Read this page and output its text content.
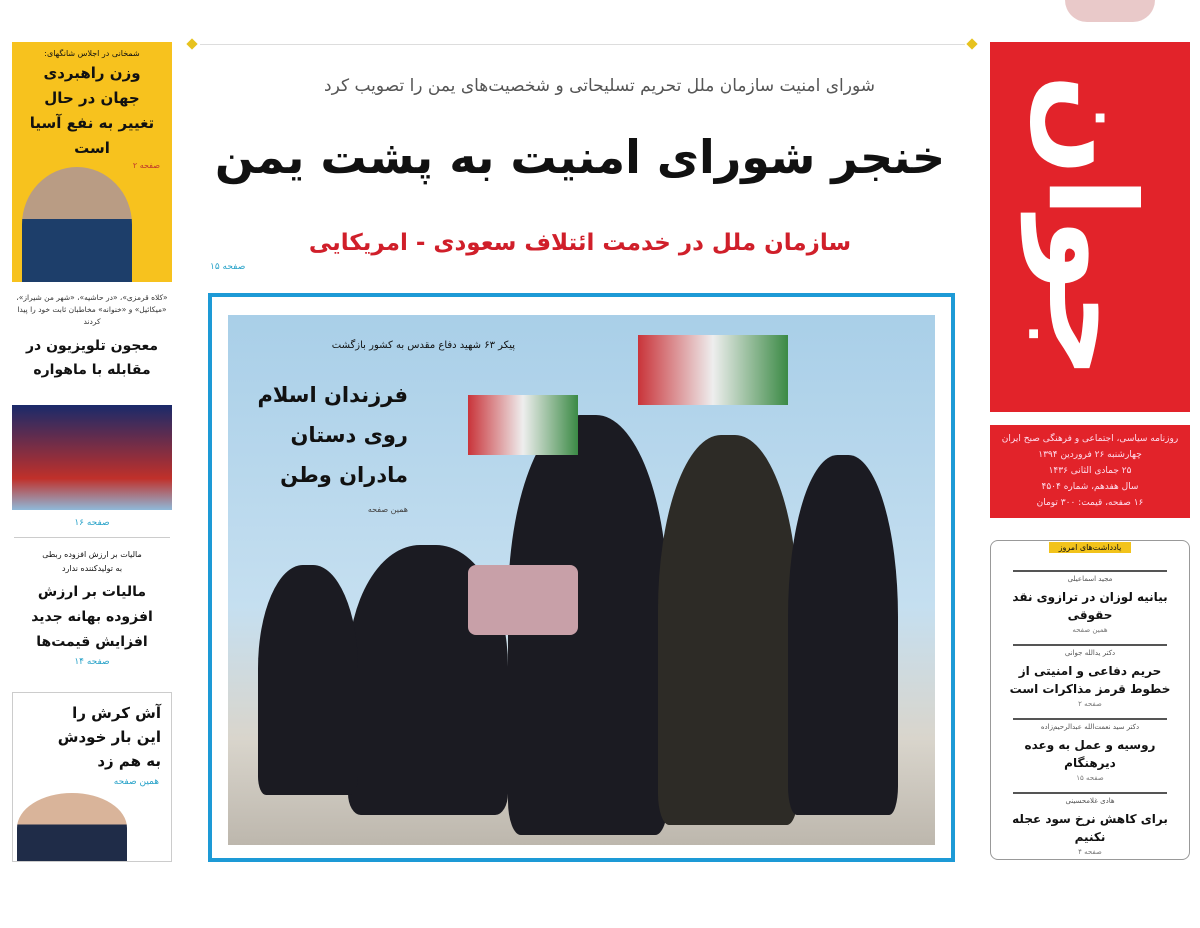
شمخانی در اجلاس شانگهای:
وزن راهبردی جهان در حال تغییر به نفع آسیا است
صفحه ۲
«کلاه قرمزی»، «در حاشیه»، «شهر من شیراز»، «میکائیل» و «خنوانه» مخاطبان ثابت خود را پیدا کردند
معجون تلویزیون در مقابله با ماهواره
صفحه ۱۶
مالیات بر ارزش افزوده ربطی به تولیدکننده ندارد
مالیات بر ارزش افزوده بهانه جدید افزایش قیمت‌ها
صفحه ۱۴
آش کرش را این بار خودش به هم زد
همین صفحه
شورای امنیت سازمان ملل تحریم تسلیحاتی و شخصیت‌های یمن را تصویب کرد
خنجر شورای امنیت به پشت یمن
سازمان ملل در خدمت ائتلاف سعودی - امریکایی
صفحه ۱۵
پیکر ۶۳ شهید دفاع مقدس به کشور بازگشت
فرزندان اسلام
روی دستان
مادران وطن
همین صفحه
جوان
روزنامه سیاسی، اجتماعی و فرهنگی صبح ایران
چهارشنبه ۲۶ فروردین ۱۳۹۴
۲۵ جمادی الثانی ۱۴۳۶
سال هفدهم، شماره ۴۵۰۴
۱۶ صفحه، قیمت: ۳۰۰ تومان
یادداشت‌های امروز
مجید اسماعیلی
بیانیه لوزان در ترازوی نقد حقوقی
همین صفحه
دکتر یدالله جوانی
حریم دفاعی و امنیتی از خطوط قرمز مذاکرات است
صفحه ۲
دکتر سید نعمت‌الله عبدالرحیم‌زاده
روسیه و عمل به وعده دیرهنگام
صفحه ۱۵
هادی غلامحسینی
برای کاهش نرخ سود عجله نکنیم
صفحه ۴
